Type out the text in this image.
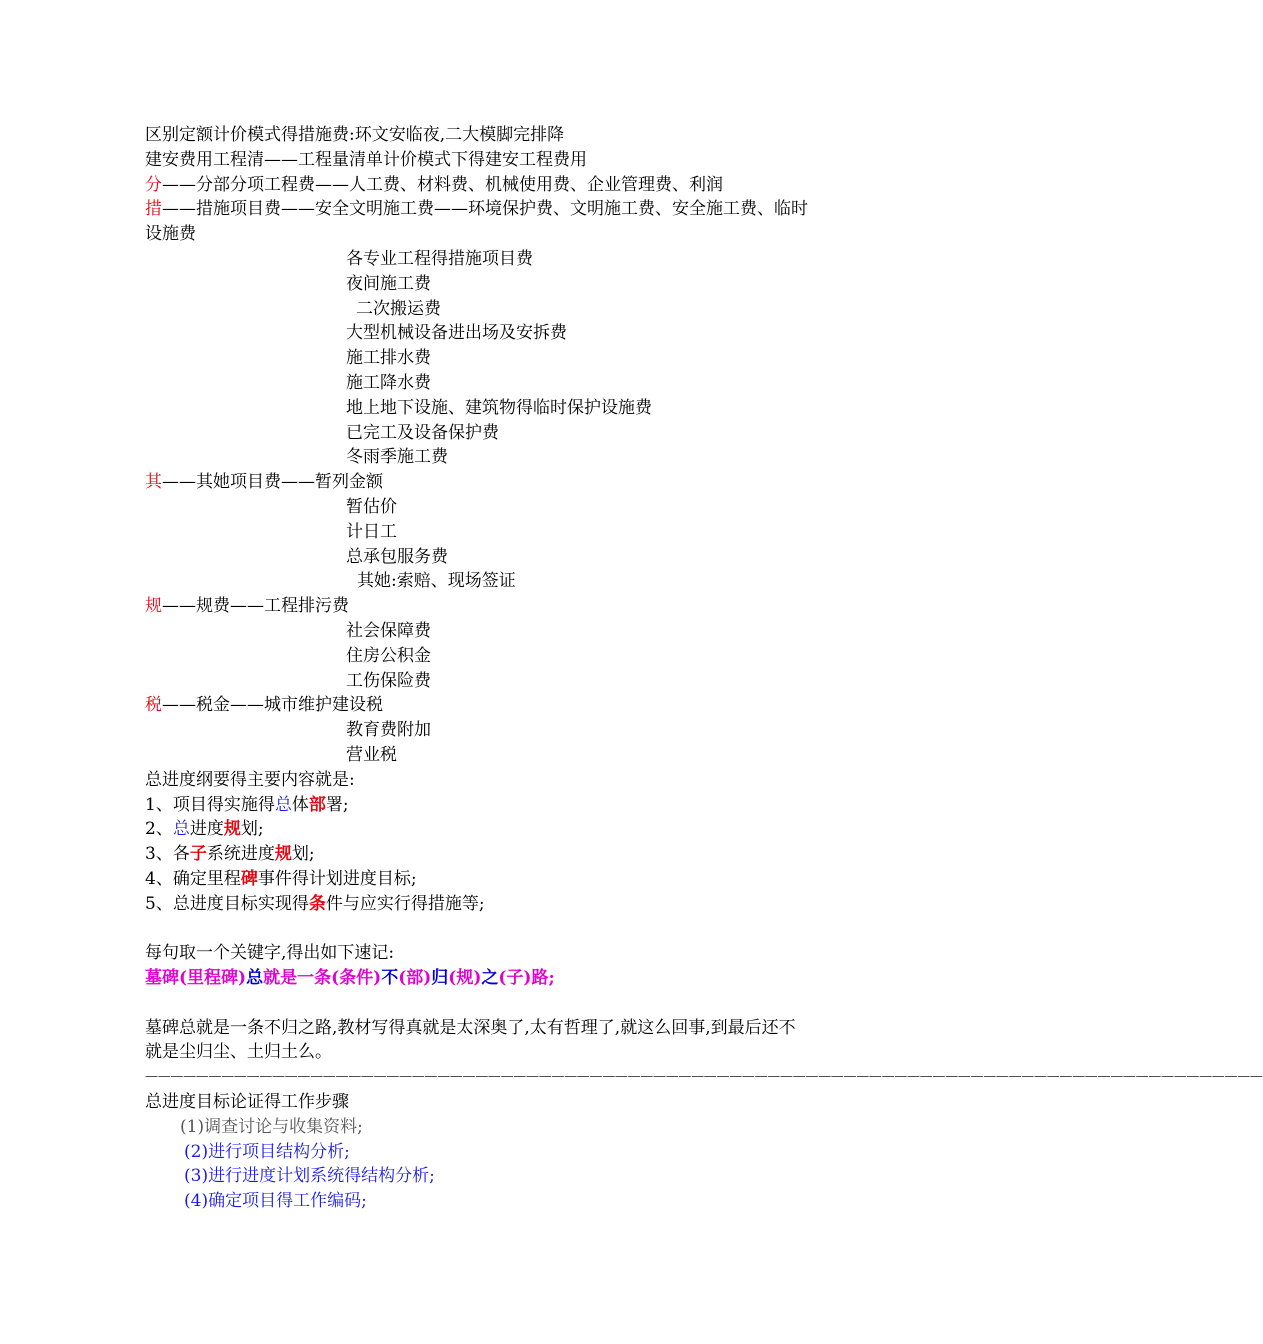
区别定额计价模式得措施费:环文安临夜,二大模脚完排降
建安费用工程清——工程量清单计价模式下得建安工程费用
分——分部分项工程费——人工费、材料费、机械使用费、企业管理费、利润
措——措施项目费——安全文明施工费——环境保护费、文明施工费、安全施工费、临时设施费
各专业工程得措施项目费
夜间施工费
二次搬运费
大型机械设备进出场及安拆费
施工排水费
施工降水费
地上地下设施、建筑物得临时保护设施费
已完工及设备保护费
冬雨季施工费
其——其她项目费——暂列金额
暂估价
计日工
总承包服务费
其她:索赔、现场签证
规——规费——工程排污费
社会保障费
住房公积金
工伤保险费
税——税金——城市维护建设税
教育费附加
营业税
总进度纲要得主要内容就是:
1、项目得实施得总体部署;
2、总进度规划;
3、各子系统进度规划;
4、确定里程碑事件得计划进度目标;
5、总进度目标实现得条件与应实行得措施等;
每句取一个关键字,得出如下速记:
墓碑(里程碑)总就是一条(条件)不(部)归(规)之(子)路;
墓碑总就是一条不归之路,教材写得真就是太深奥了,太有哲理了,就这么回事,到最后还不就是尘归尘、土归土么。
————————————————————————————————————————————————————————————————————————————————————————
总进度目标论证得工作步骤
(1)调查讨论与收集资料;
(2)进行项目结构分析;
(3)进行进度计划系统得结构分析;
(4)确定项目得工作编码;
